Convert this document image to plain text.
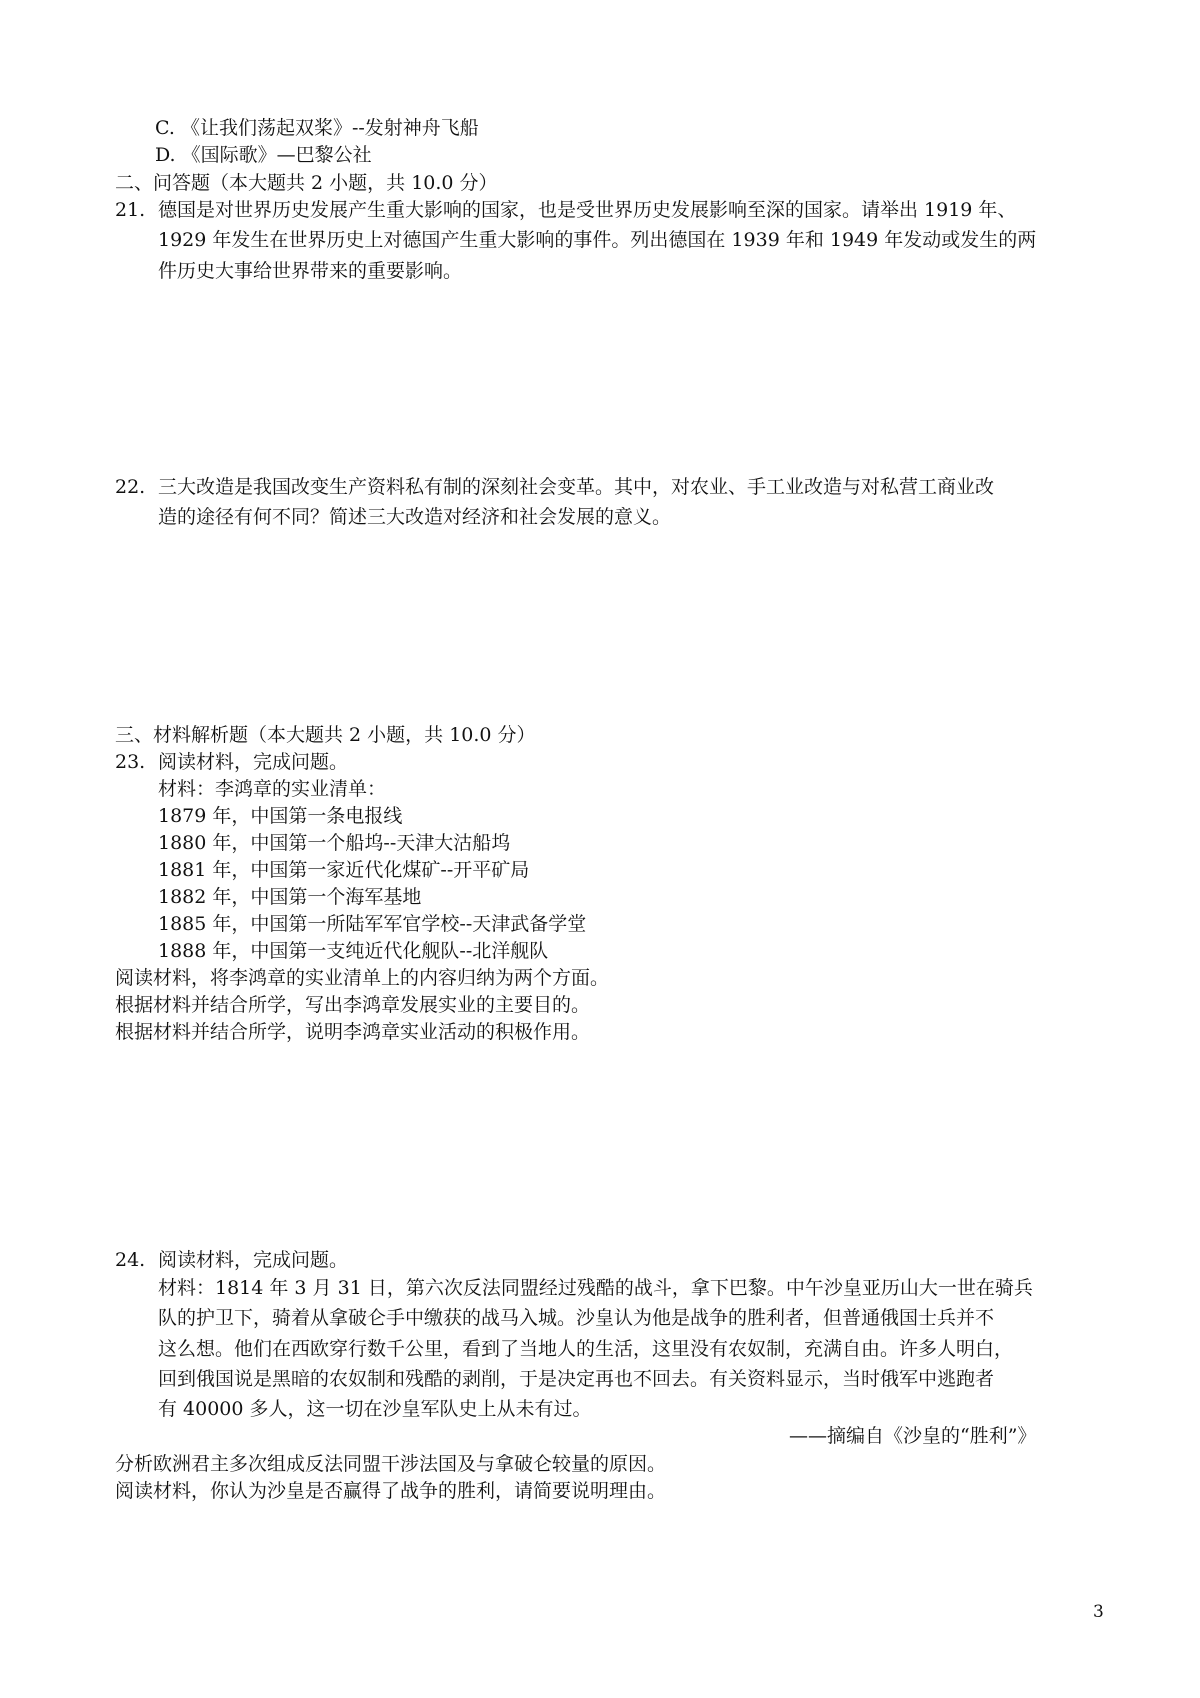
C. 《让我们荡起双桨》--发射神舟飞船
D. 《国际歌》—巴黎公社
二、问答题（本大题共 2 小题，共 10.0 分）
21. 德国是对世界历史发展产生重大影响的国家，也是受世界历史发展影响至深的国家。请举出 1919 年、
1929 年发生在世界历史上对德国产生重大影响的事件。列出德国在 1939 年和 1949 年发动或发生的两
件历史大事给世界带来的重要影响。
22. 三大改造是我国改变生产资料私有制的深刻社会变革。其中，对农业、手工业改造与对私营工商业改
造的途径有何不同？简述三大改造对经济和社会发展的意义。
三、材料解析题（本大题共 2 小题，共 10.0 分）
23. 阅读材料，完成问题。
材料：李鸿章的实业清单：
1879 年，中国第一条电报线
1880 年，中国第一个船坞--天津大沽船坞
1881 年，中国第一家近代化煤矿--开平矿局
1882 年，中国第一个海军基地
1885 年，中国第一所陆军军官学校--天津武备学堂
1888 年，中国第一支纯近代化舰队--北洋舰队
阅读材料，将李鸿章的实业清单上的内容归纳为两个方面。
根据材料并结合所学，写出李鸿章发展实业的主要目的。
根据材料并结合所学，说明李鸿章实业活动的积极作用。
24. 阅读材料，完成问题。
材料：1814 年 3 月 31 日，第六次反法同盟经过残酷的战斗，拿下巴黎。中午沙皇亚历山大一世在骑兵
队的护卫下，骑着从拿破仑手中缴获的战马入城。沙皇认为他是战争的胜利者，但普通俄国士兵并不
这么想。他们在西欧穿行数千公里，看到了当地人的生活，这里没有农奴制，充满自由。许多人明白，
回到俄国说是黑暗的农奴制和残酷的剥削，于是决定再也不回去。有关资料显示，当时俄军中逃跑者
有 40000 多人，这一切在沙皇军队史上从未有过。
——摘编自《沙皇的“胜利”》
分析欧洲君主多次组成反法同盟干涉法国及与拿破仑较量的原因。
阅读材料，你认为沙皇是否赢得了战争的胜利，请简要说明理由。
3
